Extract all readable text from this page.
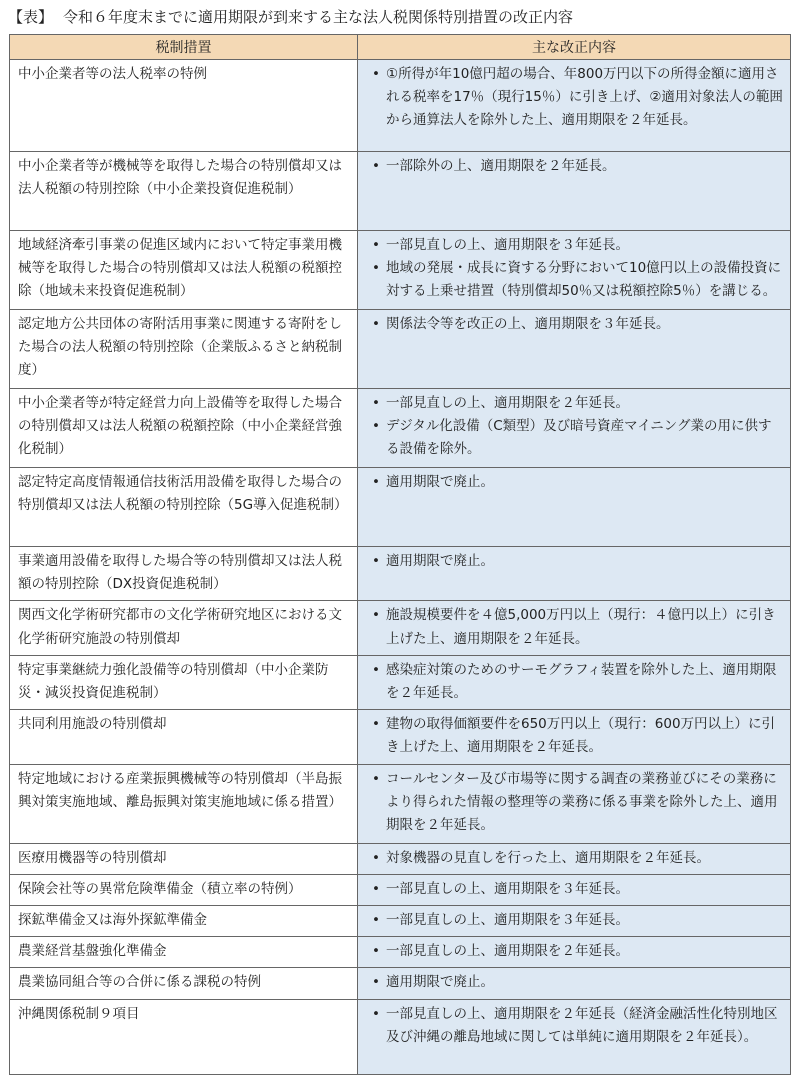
【表】 令和６年度末までに適用期限が到来する主な法人税関係特別措置の改正内容
税制措置	主な改正内容
中小企業者等の法人税率の特例	• ①所得が年10億円超の場合、年800万円以下の所得金額に適用される税率を17％（現行15％）に引き上げ、②適用対象法人の範囲から通算法人を除外した上、適用期限を２年延長。

中小企業者等が機械等を取得した場合の特別償却又は法人税額の特別控除（中小企業投資促進税制）	• 一部除外の上、適用期限を２年延長。

地域経済牽引事業の促進区域内において特定事業用機械等を取得した場合の特別償却又は法人税額の税額控除（地域未来投資促進税制）	• 一部見直しの上、適用期限を３年延長。
• 地域の発展・成長に資する分野において10億円以上の設備投資に対する上乗せ措置（特別償却50％又は税額控除5％）を講じる。

認定地方公共団体の寄附活用事業に関連する寄附をした場合の法人税額の特別控除（企業版ふるさと納税制度）	• 関係法令等を改正の上、適用期限を３年延長。

中小企業者等が特定経営力向上設備等を取得した場合の特別償却又は法人税額の税額控除（中小企業経営強化税制）	• 一部見直しの上、適用期限を２年延長。
• デジタル化設備（C類型）及び暗号資産マイニング業の用に供する設備を除外。

認定特定高度情報通信技術活用設備を取得した場合の特別償却又は法人税額の特別控除（5G導入促進税制）	• 適用期限で廃止。

事業適用設備を取得した場合等の特別償却又は法人税額の特別控除（DX投資促進税制）	• 適用期限で廃止。

関西文化学術研究都市の文化学術研究地区における文化学術研究施設の特別償却	• 施設規模要件を４億5,000万円以上（現行：４億円以上）に引き上げた上、適用期限を２年延長。

特定事業継続力強化設備等の特別償却（中小企業防災・減災投資促進税制）	• 感染症対策のためのサーモグラフィ装置を除外した上、適用期限を２年延長。

共同利用施設の特別償却	• 建物の取得価額要件を650万円以上（現行：600万円以上）に引き上げた上、適用期限を２年延長。

特定地域における産業振興機械等の特別償却（半島振興対策実施地域、離島振興対策実施地域に係る措置）	• コールセンター及び市場等に関する調査の業務並びにその業務により得られた情報の整理等の業務に係る事業を除外した上、適用期限を２年延長。

医療用機器等の特別償却	• 対象機器の見直しを行った上、適用期限を２年延長。

保険会社等の異常危険準備金（積立率の特例）	• 一部見直しの上、適用期限を３年延長。

探鉱準備金又は海外探鉱準備金	• 一部見直しの上、適用期限を３年延長。

農業経営基盤強化準備金	• 一部見直しの上、適用期限を２年延長。

農業協同組合等の合併に係る課税の特例	• 適用期限で廃止。

沖縄関係税制９項目	• 一部見直しの上、適用期限を２年延長（経済金融活性化特別地区及び沖縄の離島地域に関しては単純に適用期限を２年延長）。
